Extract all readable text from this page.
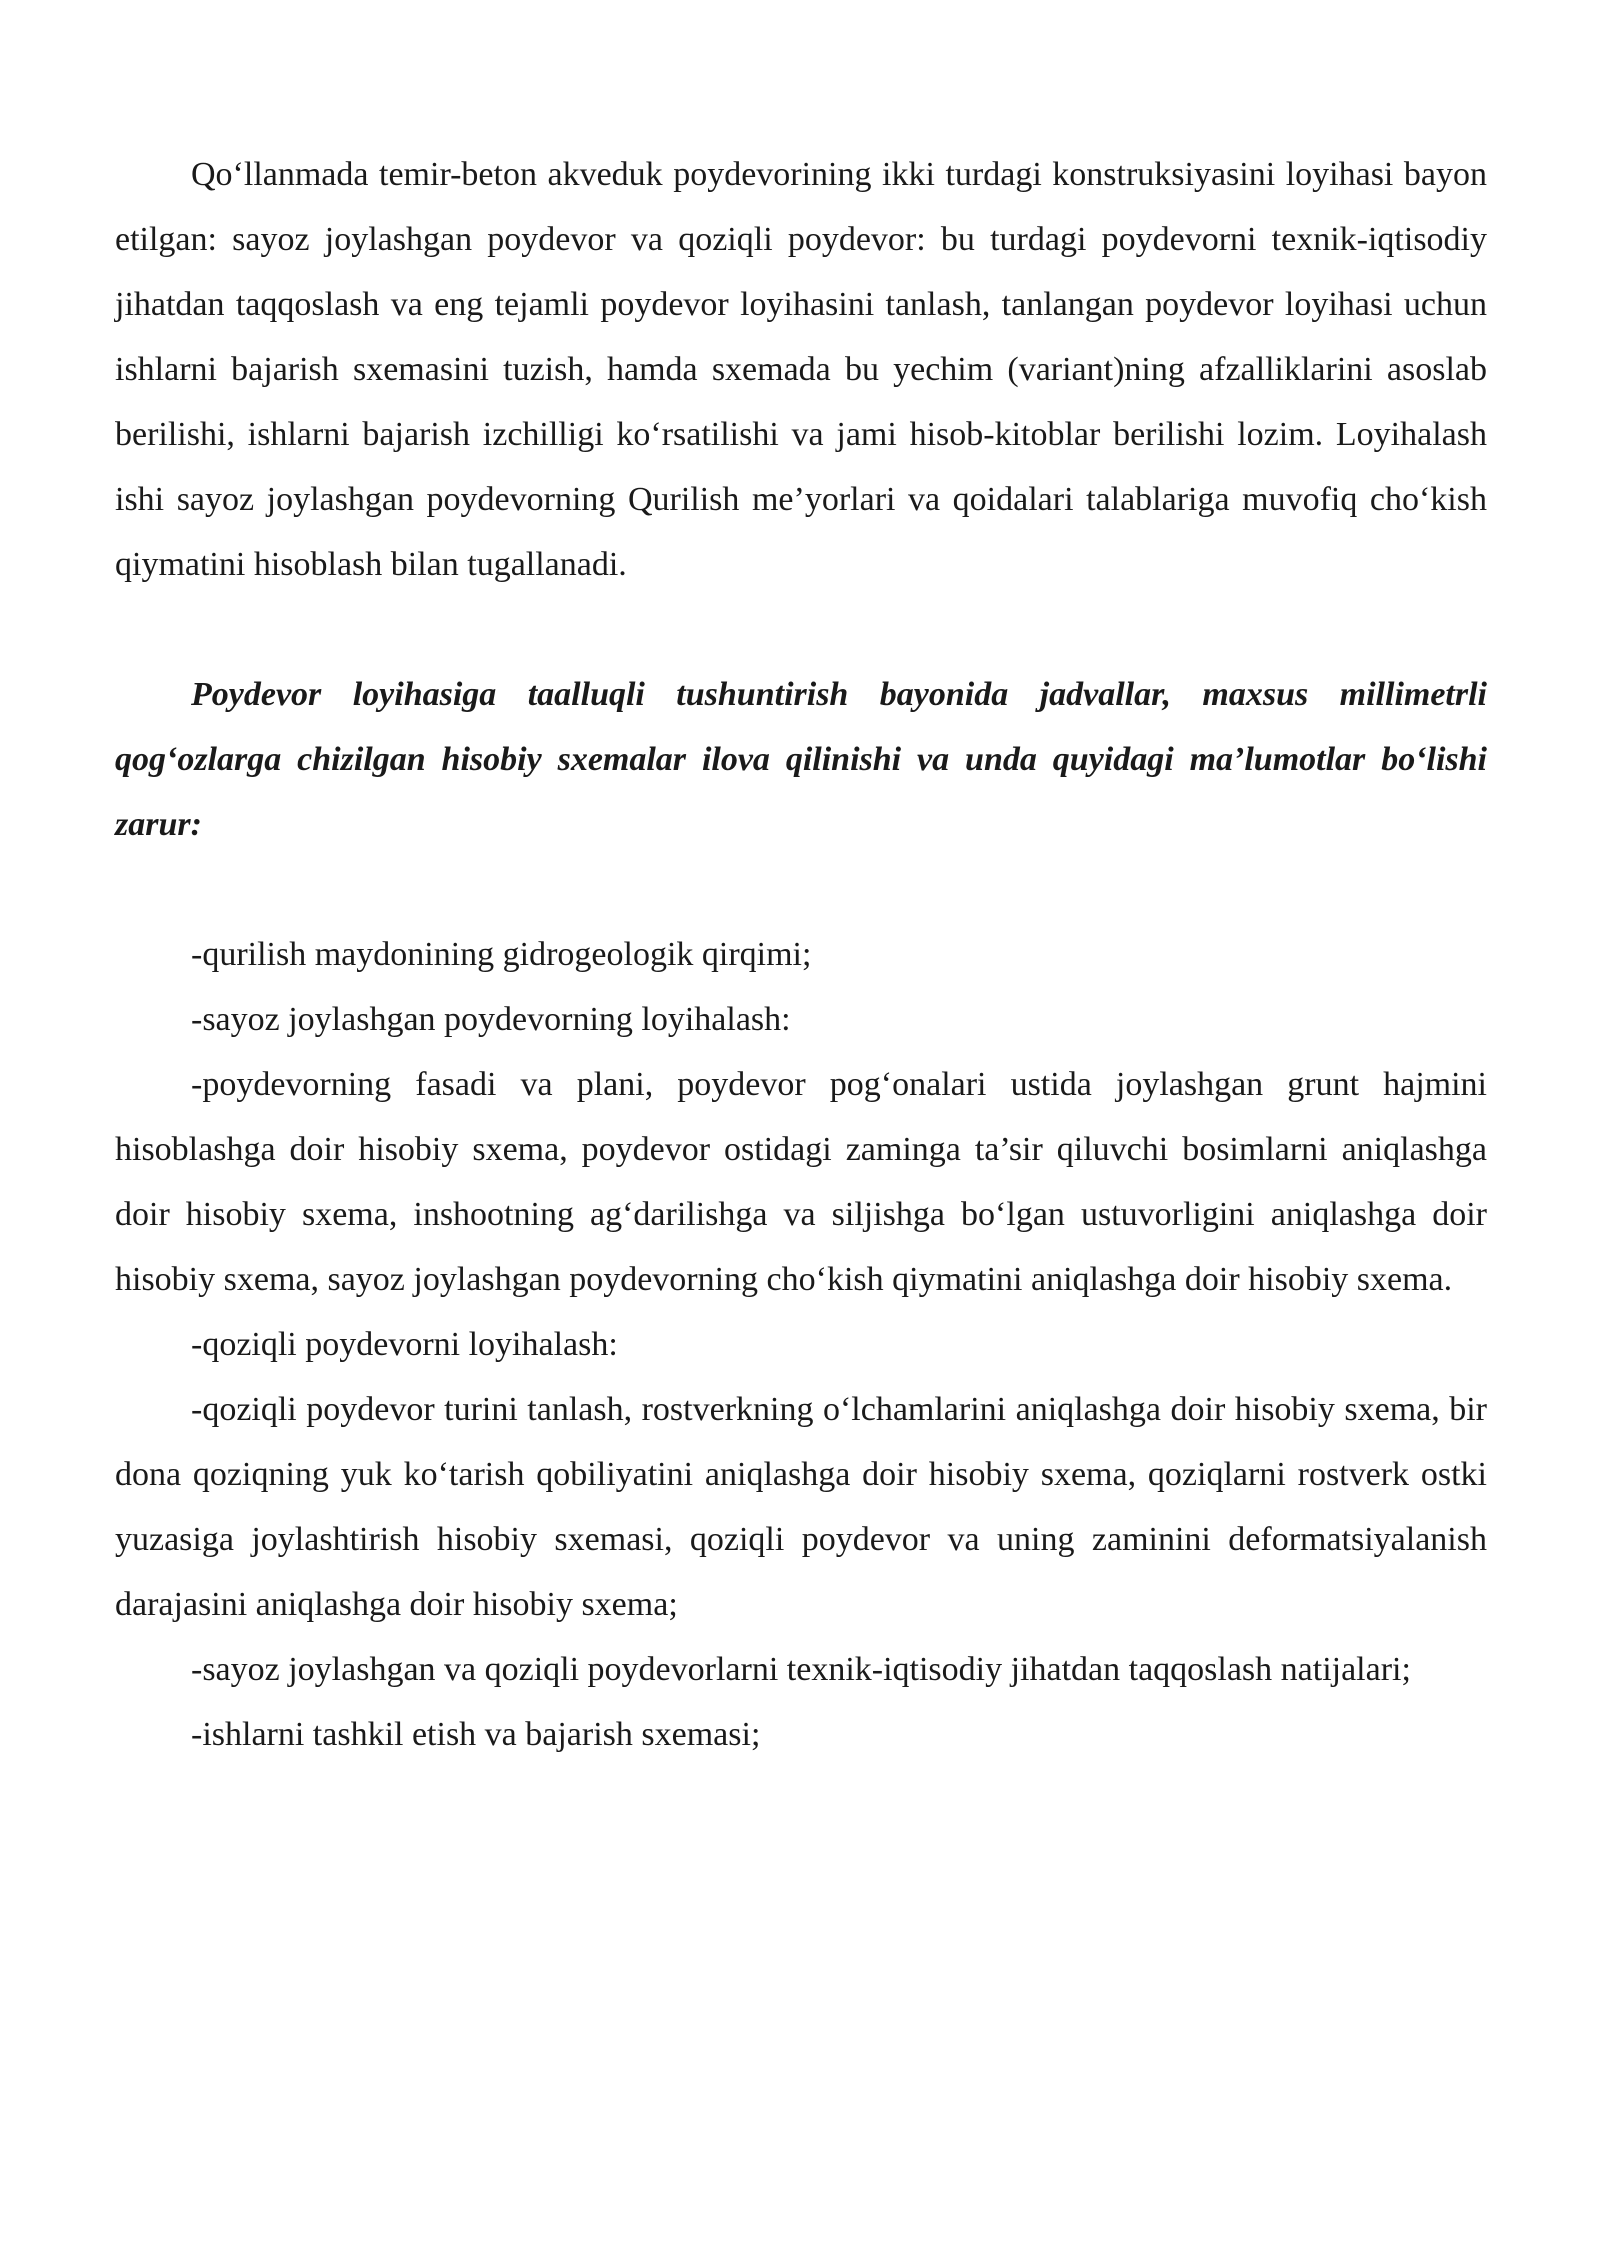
Qo‘llanmada temir-beton akveduk poydevorining ikki turdagi konstruksiyasini loyihasi bayon etilgan: sayoz joylashgan poydevor va qoziqli poydevor: bu turdagi poydevorni texnik-iqtisodiy jihatdan taqqoslash va eng tejamli poydevor loyihasini tanlash, tanlangan poydevor loyihasi uchun ishlarni bajarish sxemasini tuzish, hamda sxemada bu yechim (variant)ning afzalliklarini asoslab berilishi, ishlarni bajarish izchilligi ko‘rsatilishi va jami hisob-kitoblar berilishi lozim. Loyihalash ishi sayoz joylashgan poydevorning Qurilish me’yorlari va qoidalari talablariga muvofiq cho‘kish qiymatini hisoblash bilan tugallanadi.

Poydevor loyihasiga taalluqli tushuntirish bayonida jadvallar, maxsus millimetrli qog‘ozlarga chizilgan hisobiy sxemalar ilova qilinishi va unda quyidagi ma’lumotlar bo‘lishi zarur:

-qurilish maydonining gidrogeologik qirqimi;

-sayoz joylashgan poydevorning loyihalash:

-poydevorning fasadi va plani, poydevor pog‘onalari ustida joylashgan grunt hajmini hisoblashga doir hisobiy sxema, poydevor ostidagi zaminga ta’sir qiluvchi bosimlarni aniqlashga doir hisobiy sxema, inshootning ag‘darilishga va siljishga bo‘lgan ustuvorligini aniqlashga doir hisobiy sxema, sayoz joylashgan poydevorning cho‘kish qiymatini aniqlashga doir hisobiy sxema.

-qoziqli poydevorni loyihalash:

-qoziqli poydevor turini tanlash, rostverkning o‘lchamlarini aniqlashga doir hisobiy sxema, bir dona qoziqning yuk ko‘tarish qobiliyatini aniqlashga doir hisobiy sxema, qoziqlarni rostverk ostki yuzasiga joylashtirish hisobiy sxemasi, qoziqli poydevor va uning zaminini deformatsiyalanish darajasini aniqlashga doir hisobiy sxema;

-sayoz joylashgan va qoziqli poydevorlarni texnik-iqtisodiy jihatdan taqqoslash natijalari;

-ishlarni tashkil etish va bajarish sxemasi;
